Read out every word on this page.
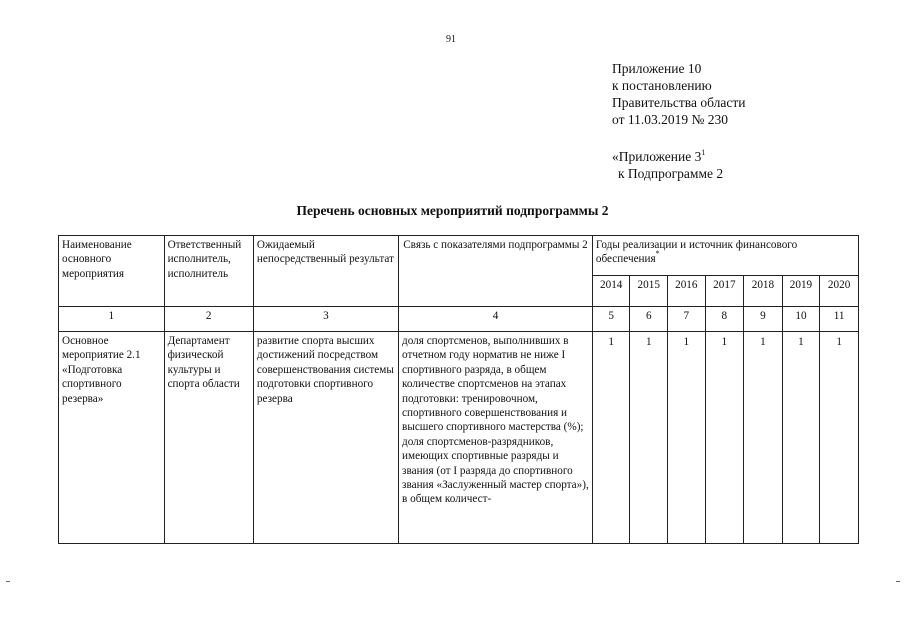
91
Приложение 10
к постановлению
Правительства области
от 11.03.2019 № 230
«Приложение $3^1$
к Подпрограмме 2
Перечень основных мероприятий подпрограммы 2
Наименование основного мероприятия	Ответственный исполнитель, исполнитель	Ожидаемый непосредственный результат	Связь с показателями подпрограммы 2	Годы реализации и источник финансового обеспечения*
				2014	2015	2016	2017	2018	2019	2020
1	2	3	4	5	6	7	8	9	10	11
Основное мероприятие 2.1 «Подготовка спортивного резерва»	Департамент физической культуры и спорта области	развитие спорта высших достижений посредством совершенствования системы подготовки спортивного резерва	доля спортсменов, выполнивших в отчетном году норматив не ниже I спортивного разряда, в общем количестве спортсменов на этапах подготовки: тренировочном, спортивного совершенствования и высшего спортивного мастерства (%); доля спортсменов-разрядников, имеющих спортивные разряды и звания (от I разряда до спортивного звания «Заслуженный мастер спорта»), в общем количест-	1	1	1	1	1	1	1
